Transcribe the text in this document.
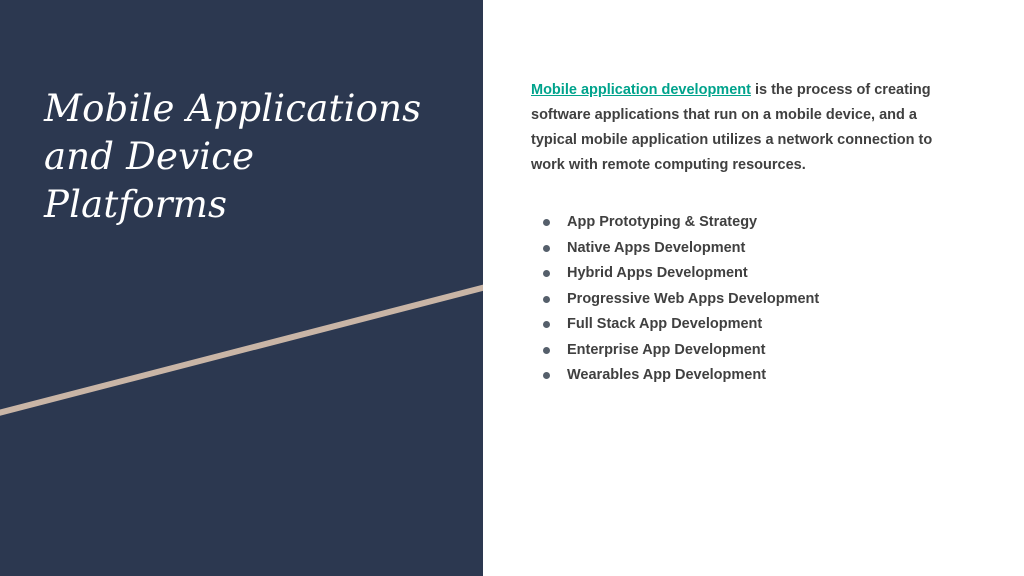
Mobile Applications and Device Platforms

Mobile application development is the process of creating software applications that run on a mobile device, and a typical mobile application utilizes a network connection to work with remote computing resources.

App Prototyping & Strategy
Native Apps Development
Hybrid Apps Development
Progressive Web Apps Development
Full Stack App Development
Enterprise App Development
Wearables App Development
